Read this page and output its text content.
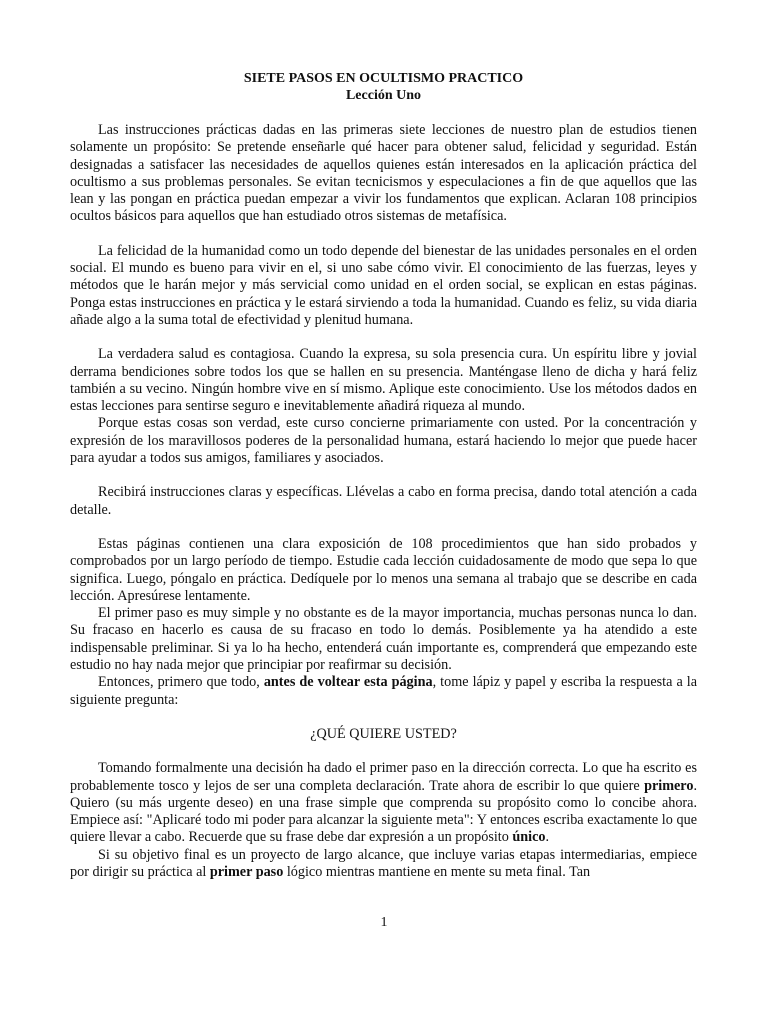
SIETE PASOS EN OCULTISMO PRACTICO
Lección Uno

Las instrucciones prácticas dadas en las primeras siete lecciones de nuestro plan de estudios tienen solamente un propósito: Se pretende enseñarle qué hacer para obtener salud, felicidad y seguridad. Están designadas a satisfacer las necesidades de aquellos quienes están interesados en la aplicación práctica del ocultismo a sus problemas personales. Se evitan tecnicismos y especulaciones a fin de que aquellos que las lean y las pongan en práctica puedan empezar a vivir los fundamentos que explican. Aclaran 108 principios ocultos básicos para aquellos que han estudiado otros sistemas de metafísica.

La felicidad de la humanidad como un todo depende del bienestar de las unidades personales en el orden social. El mundo es bueno para vivir en el, si uno sabe cómo vivir. El conocimiento de las fuerzas, leyes y métodos que le harán mejor y más servicial como unidad en el orden social, se explican en estas páginas. Ponga estas instrucciones en práctica y le estará sirviendo a toda la humanidad. Cuando es feliz, su vida diaria añade algo a la suma total de efectividad y plenitud humana.

La verdadera salud es contagiosa. Cuando la expresa, su sola presencia cura. Un espíritu libre y jovial derrama bendiciones sobre todos los que se hallen en su presencia. Manténgase lleno de dicha y hará feliz también a su vecino. Ningún hombre vive en sí mismo. Aplique este conocimiento. Use los métodos dados en estas lecciones para sentirse seguro e inevitablemente añadirá riqueza al mundo.

Porque estas cosas son verdad, este curso concierne primariamente con usted. Por la concentración y expresión de los maravillosos poderes de la personalidad humana, estará haciendo lo mejor que puede hacer para ayudar a todos sus amigos, familiares y asociados.

Recibirá instrucciones claras y específicas. Llévelas a cabo en forma precisa, dando total atención a cada detalle.

Estas páginas contienen una clara exposición de 108 procedimientos que han sido probados y comprobados por un largo período de tiempo. Estudie cada lección cuidadosamente de modo que sepa lo que significa. Luego, póngalo en práctica. Dedíquele por lo menos una semana al trabajo que se describe en cada lección. Apresúrese lentamente.

El primer paso es muy simple y no obstante es de la mayor importancia, muchas personas nunca lo dan. Su fracaso en hacerlo es causa de su fracaso en todo lo demás. Posiblemente ya ha atendido a este indispensable preliminar. Si ya lo ha hecho, entenderá cuán importante es, comprenderá que empezando este estudio no hay nada mejor que principiar por reafirmar su decisión.

Entonces, primero que todo, antes de voltear esta página, tome lápiz y papel y escriba la respuesta a la siguiente pregunta:

¿QUÉ QUIERE USTED?

Tomando formalmente una decisión ha dado el primer paso en la dirección correcta. Lo que ha escrito es probablemente tosco y lejos de ser una completa declaración. Trate ahora de escribir lo que quiere primero. Quiero (su más urgente deseo) en una frase simple que comprenda su propósito como lo concibe ahora. Empiece así: "Aplicaré todo mi poder para alcanzar la siguiente meta": Y entonces escriba exactamente lo que quiere llevar a cabo. Recuerde que su frase debe dar expresión a un propósito único.

Si su objetivo final es un proyecto de largo alcance, que incluye varias etapas intermediarias, empiece por dirigir su práctica al primer paso lógico mientras mantiene en mente su meta final. Tan

1
